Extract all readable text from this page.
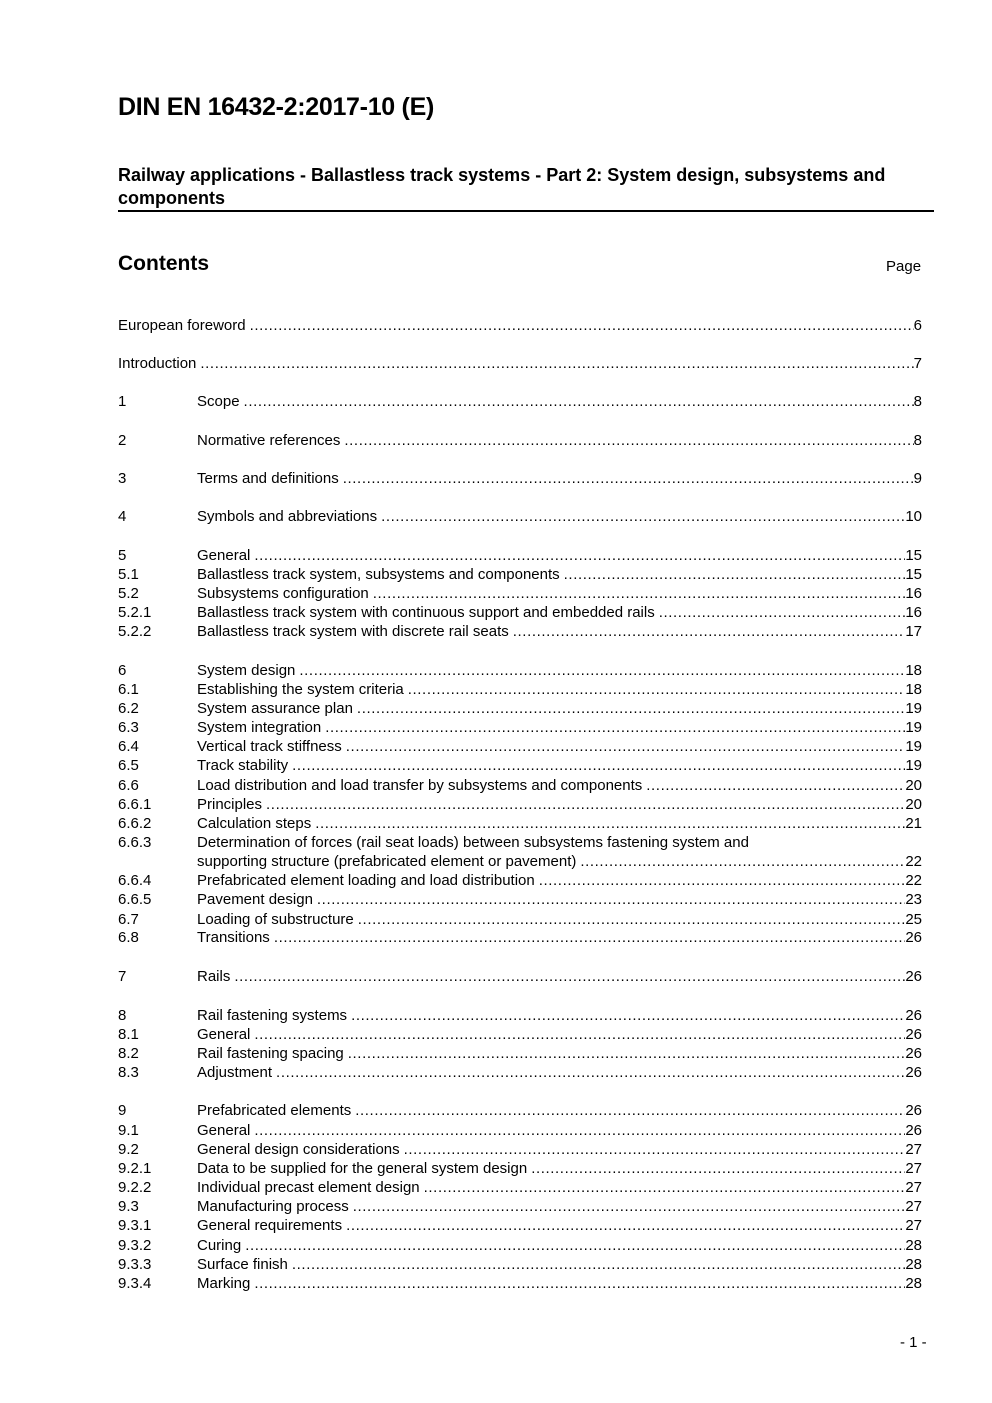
DIN EN 16432-2:2017-10 (E)
Railway applications - Ballastless track systems - Part 2: System design, subsystems and components
Contents	Page
European foreword .....	6
Introduction .....	7
1	Scope .....	8
2	Normative references .....	8
3	Terms and definitions .....	9
4	Symbols and abbreviations .....	10
5	General .....	15
5.1	Ballastless track system, subsystems and components .....	15
5.2	Subsystems configuration .....	16
5.2.1	Ballastless track system with continuous support and embedded rails .....	16
5.2.2	Ballastless track system with discrete rail seats .....	17
6	System design .....	18
6.1	Establishing the system criteria .....	18
6.2	System assurance plan .....	19
6.3	System integration .....	19
6.4	Vertical track stiffness .....	19
6.5	Track stability .....	19
6.6	Load distribution and load transfer by subsystems and components .....	20
6.6.1	Principles .....	20
6.6.2	Calculation steps .....	21
6.6.3	Determination of forces (rail seat loads) between subsystems fastening system and
supporting structure (prefabricated element or pavement) .....	22
6.6.4	Prefabricated element loading and load distribution .....	22
6.6.5	Pavement design .....	23
6.7	Loading of substructure .....	25
6.8	Transitions .....	26
7	Rails .....	26
8	Rail fastening systems .....	26
8.1	General .....	26
8.2	Rail fastening spacing .....	26
8.3	Adjustment .....	26
9	Prefabricated elements .....	26
9.1	General .....	26
9.2	General design considerations .....	27
9.2.1	Data to be supplied for the general system design .....	27
9.2.2	Individual precast element design .....	27
9.3	Manufacturing process .....	27
9.3.1	General requirements .....	27
9.3.2	Curing .....	28
9.3.3	Surface finish .....	28
9.3.4	Marking .....	28
- 1 -
